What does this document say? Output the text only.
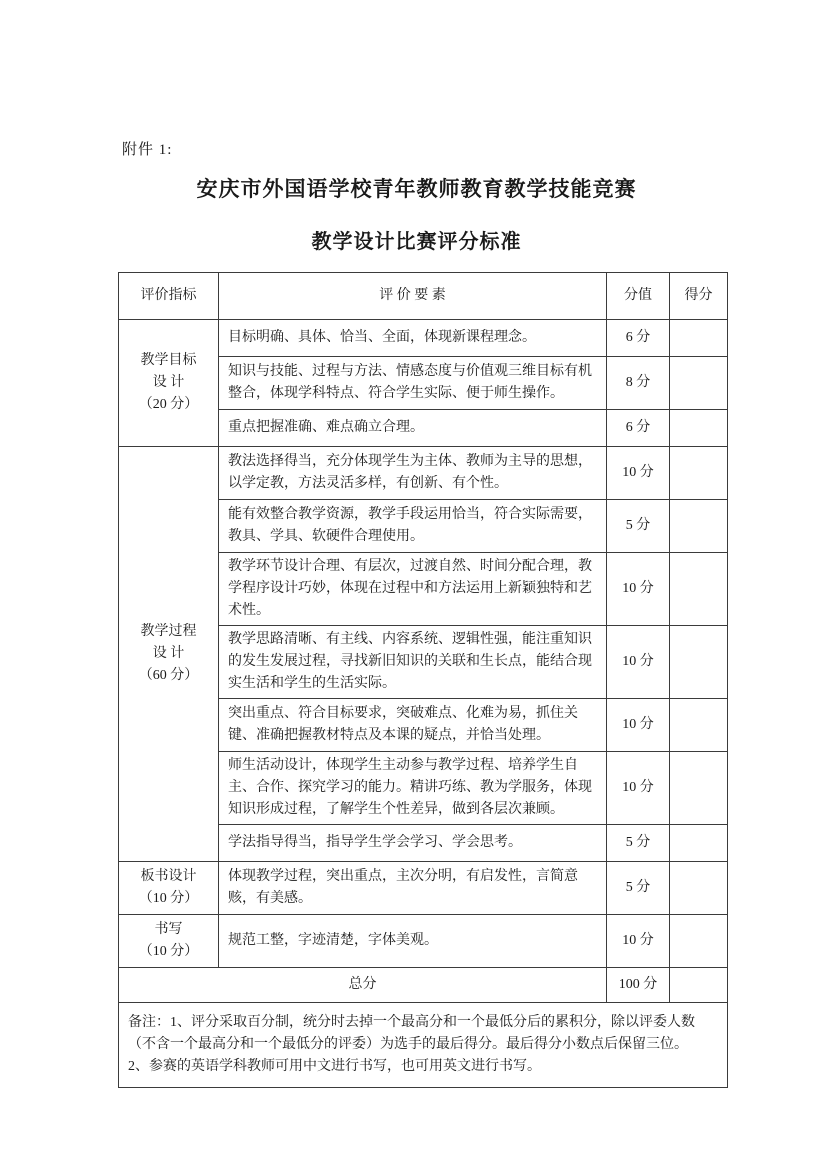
附件 1:
安庆市外国语学校青年教师教育教学技能竞赛
教学设计比赛评分标准
评价指标	评 价 要 素	分值	得分

教学目标
设 计
（20 分）	目标明确、具体、恰当、全面，体现新课程理念。	6 分	
	知识与技能、过程与方法、情感态度与价值观三维目标有机整合，体现学科特点、符合学生实际、便于师生操作。	8 分	
	重点把握准确、难点确立合理。	6 分	

教学过程
设 计
（60 分）	教法选择得当，充分体现学生为主体、教师为主导的思想，以学定教，方法灵活多样，有创新、有个性。	10 分	
	能有效整合教学资源，教学手段运用恰当，符合实际需要，教具、学具、软硬件合理使用。	5 分	
	教学环节设计合理、有层次，过渡自然、时间分配合理，教学程序设计巧妙，体现在过程中和方法运用上新颖独特和艺术性。	10 分	
	教学思路清晰、有主线、内容系统、逻辑性强，能注重知识的发生发展过程，寻找新旧知识的关联和生长点，能结合现实生活和学生的生活实际。	10 分	
	突出重点、符合目标要求，突破难点、化难为易，抓住关键、准确把握教材特点及本课的疑点，并恰当处理。	10 分	
	师生活动设计，体现学生主动参与教学过程、培养学生自主、合作、探究学习的能力。精讲巧练、教为学服务，体现知识形成过程，了解学生个性差异，做到各层次兼顾。	10 分	
	学法指导得当，指导学生学会学习、学会思考。	5 分	

板书设计
（10 分）	体现教学过程，突出重点，主次分明，有启发性，言简意赅，有美感。	5 分	

书写
（10 分）	规范工整，字迹清楚，字体美观。	10 分	
总分		100 分	

备注：1、评分采取百分制，统分时去掉一个最高分和一个最低分后的累积分，除以评委人数（不含一个最高分和一个最低分的评委）为选手的最后得分。最后得分小数点后保留三位。

2、参赛的英语学科教师可用中文进行书写，也可用英文进行书写。			
